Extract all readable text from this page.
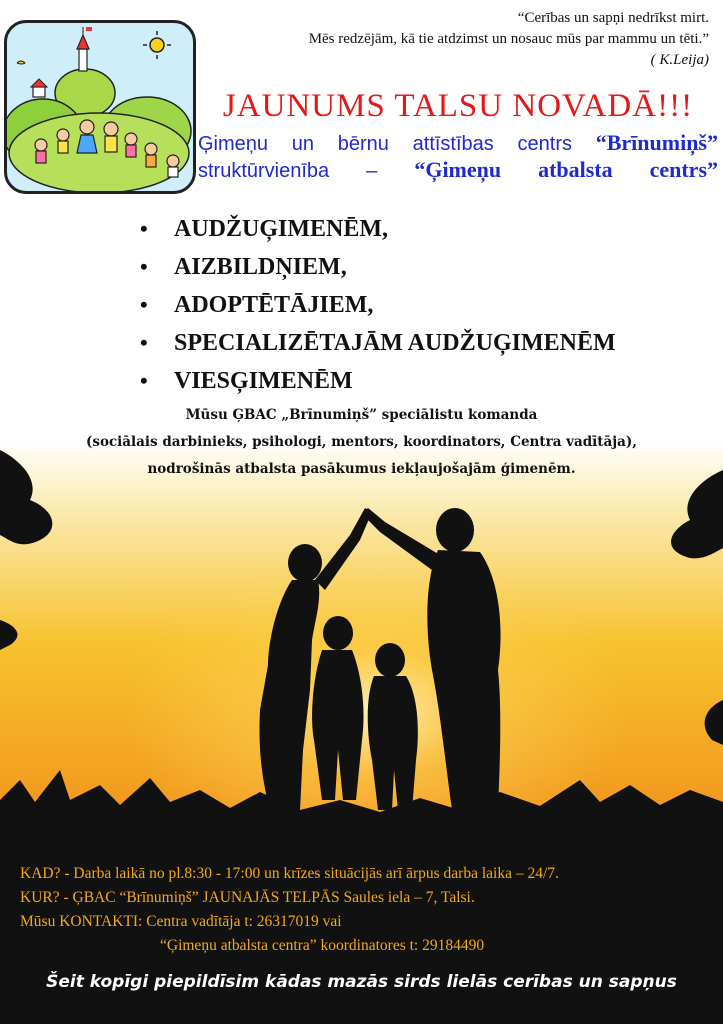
“Cerības un sapņi nedrīkst mirt.
Mēs redzējām, kā tie atdzimst un nosauc mūs par mammu un tēti.”
( K.Leija)
JAUNUMS TALSU NOVADĀ!!!
Ģimeņu un bērnu attīstības centrs “Brīnumiņš”
struktūrvienība – “Ģimeņu atbalsta centrs”
• AUDŽUĢIMENĒM,
• AIZBILDŅIEM,
• ADOPTĒTĀJIEM,
• SPECIALIZĒTAJĀM AUDŽUĢIMENĒM
• VIESĢIMENĒM
Mūsu ĢBAC „Brīnumiņš” speciālistu komanda
(sociālais darbinieks, psihologi, mentors, koordinators, Centra vadītāja),
nodrošinās atbalsta pasākumus iekļaujošajām ģimenēm.
KAD? - Darba laikā no pl.8:30 - 17:00 un krīzes situācijās arī ārpus darba laika – 24/7.
KUR? - ĢBAC “Brīnumiņš” JAUNAJĀS TELPĀS Saules iela – 7, Talsi.
Mūsu KONTAKTI: Centra vadītāja t: 26317019 vai
“Ģimeņu atbalsta centra” koordinatores t: 29184490
Šeit kopīgi piepildīsim kādas mazās sirds lielās cerības un sapņus
